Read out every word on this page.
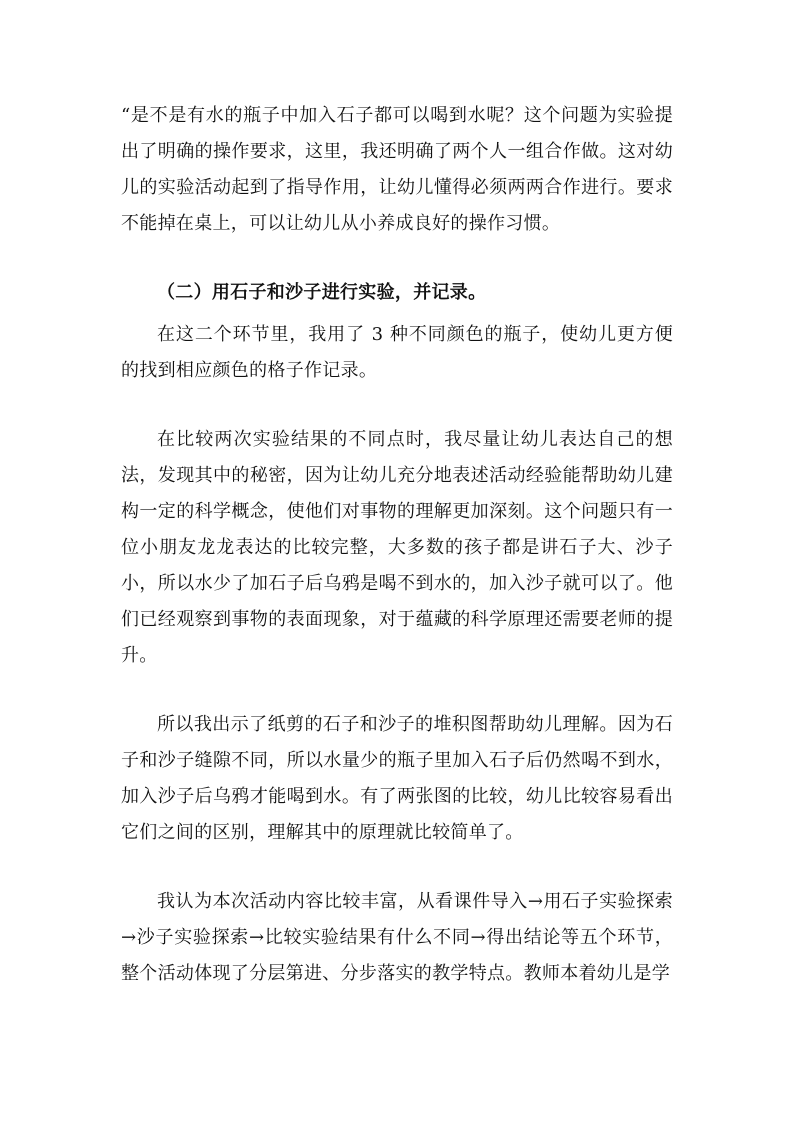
“是不是有水的瓶子中加入石子都可以喝到水呢？这个问题为实验提出了明确的操作要求，这里，我还明确了两个人一组合作做。这对幼儿的实验活动起到了指导作用，让幼儿懂得必须两两合作进行。要求不能掉在桌上，可以让幼儿从小养成良好的操作习惯。

（二）用石子和沙子进行实验，并记录。

在这二个环节里，我用了 3 种不同颜色的瓶子，使幼儿更方便的找到相应颜色的格子作记录。

在比较两次实验结果的不同点时，我尽量让幼儿表达自己的想法，发现其中的秘密，因为让幼儿充分地表述活动经验能帮助幼儿建构一定的科学概念，使他们对事物的理解更加深刻。这个问题只有一位小朋友龙龙表达的比较完整，大多数的孩子都是讲石子大、沙子小，所以水少了加石子后乌鸦是喝不到水的，加入沙子就可以了。他们已经观察到事物的表面现象，对于蕴藏的科学原理还需要老师的提升。

所以我出示了纸剪的石子和沙子的堆积图帮助幼儿理解。因为石子和沙子缝隙不同，所以水量少的瓶子里加入石子后仍然喝不到水，加入沙子后乌鸦才能喝到水。有了两张图的比较，幼儿比较容易看出它们之间的区别，理解其中的原理就比较简单了。

我认为本次活动内容比较丰富，从看课件导入→用石子实验探索→沙子实验探索→比较实验结果有什么不同→得出结论等五个环节，整个活动体现了分层第进、分步落实的教学特点。教师本着幼儿是学
